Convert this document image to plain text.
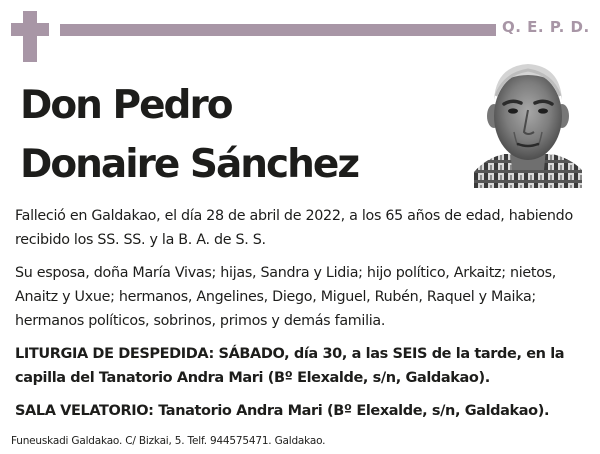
Q. E. P. D.
Don Pedro
Donaire Sánchez

Falleció en Galdakao, el día 28 de abril de 2022, a los 65 años de edad, habiendo recibido los SS. SS. y la B. A. de S. S.

Su esposa, doña María Vivas; hijas, Sandra y Lidia; hijo político, Arkaitz; nietos, Anaitz y Uxue; hermanos, Angelines, Diego, Miguel, Rubén, Raquel y Maika; hermanos políticos, sobrinos, primos y demás familia.

LITURGIA DE DESPEDIDA: SÁBADO, día 30, a las SEIS de la tarde, en la capilla del Tanatorio Andra Mari (Bº Elexalde, s/n, Galdakao).

SALA VELATORIO: Tanatorio Andra Mari (Bº Elexalde, s/n, Galdakao).

Funeuskadi Galdakao. C/ Bizkai, 5. Telf. 944575471. Galdakao.
